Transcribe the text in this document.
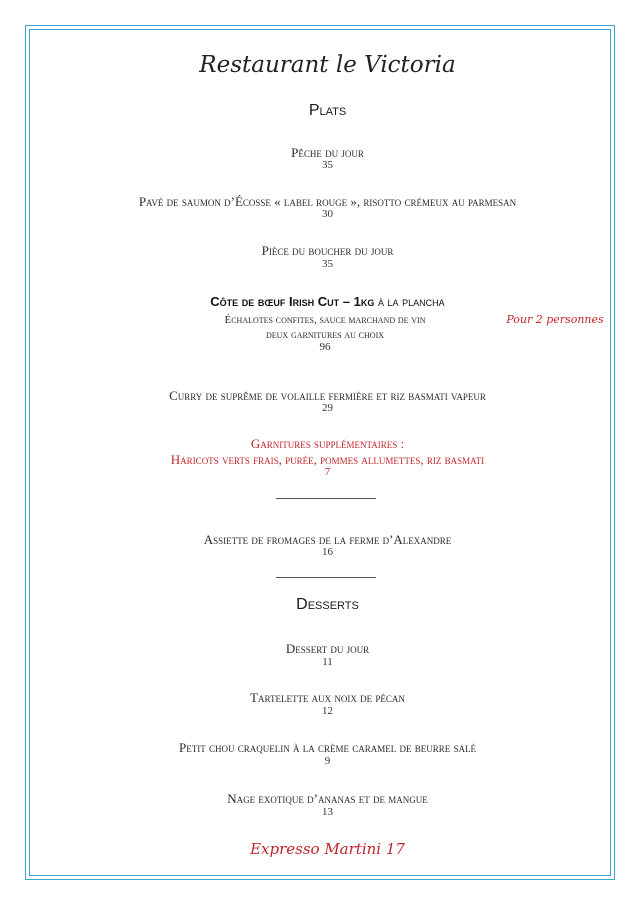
Restaurant le Victoria
Plats
Pêche du jour
35
Pavé de saumon d’Écosse « label rouge », risotto crémeux au parmesan
30
Pièce du boucher du jour
35
Côte de bœuf Irish Cut – 1kg à la plancha
Échalotes confites, sauce marchand de vin
deux garnitures au choix
Pour 2 personnes
96
Curry de suprême de volaille fermière et riz basmati vapeur
29
Garnitures supplémentaires :
Haricots verts frais, purée, pommes allumettes, riz basmati
7
Assiette de fromages de la ferme d’Alexandre
16
Desserts
Dessert du jour
11
Tartelette aux noix de pécan
12
Petit chou craquelin à la crème caramel de beurre salé
9
Nage exotique d’ananas et de mangue
13
Expresso Martini 17
